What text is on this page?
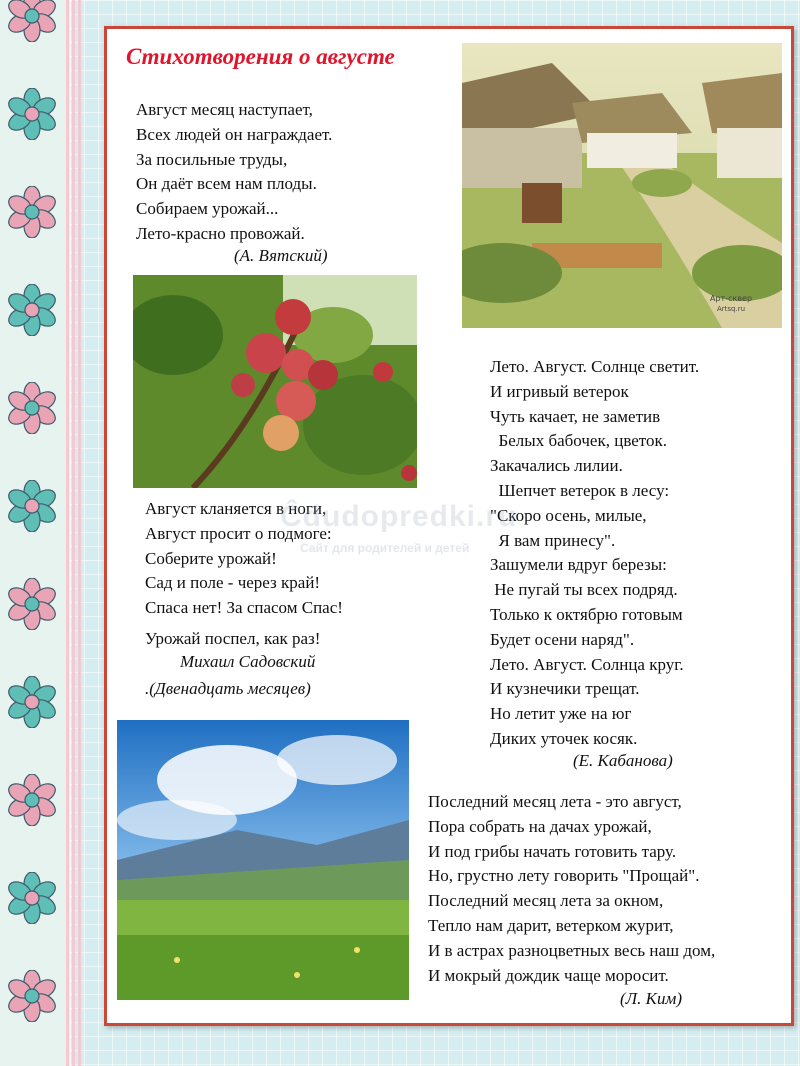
Стихотворения о августе
Август месяц наступает,
Всех людей он награждает.
За посильные труды,
Он даёт всем нам плоды.
Собираем урожай...
Лето-красно провожай.
(А. Вятский)
Арт-сквер
Artsq.ru
Лето. Август. Солнце светит.
И игривый ветерок
Чуть качает, не заметив
Белых бабочек, цветок.
Закачались лилии.
Шепчет ветерок в лесу:
"Скоро осень, милые,
Я вам принесу".
Зашумели вдруг березы:
Не пугай ты всех подряд.
Только к октябрю готовым
Будет осени наряд".
Лето. Август. Солнца круг.
И кузнечики трещат.
Но летит уже на юг
Диких уточек косяк.
(Е. Кабанова)
Август кланяется в ноги,
Август просит о подмоге:
Соберите урожай!
Сад и поле - через край!
Спаса нет! За спасом Спас!
Урожай поспел, как раз!
Михаил Садовский
.(Двенадцать месяцев)
Ĉdudopredki.ru
Сайт для родителей и детей
Последний месяц лета - это август,
Пора собрать на дачах урожай,
И под грибы начать готовить тару.
Но, грустно лету говорить "Прощай".
Последний месяц лета за окном,
Тепло нам дарит, ветерком журит,
И в астрах разноцветных весь наш дом,
И мокрый дождик чаще моросит.
(Л. Ким)
